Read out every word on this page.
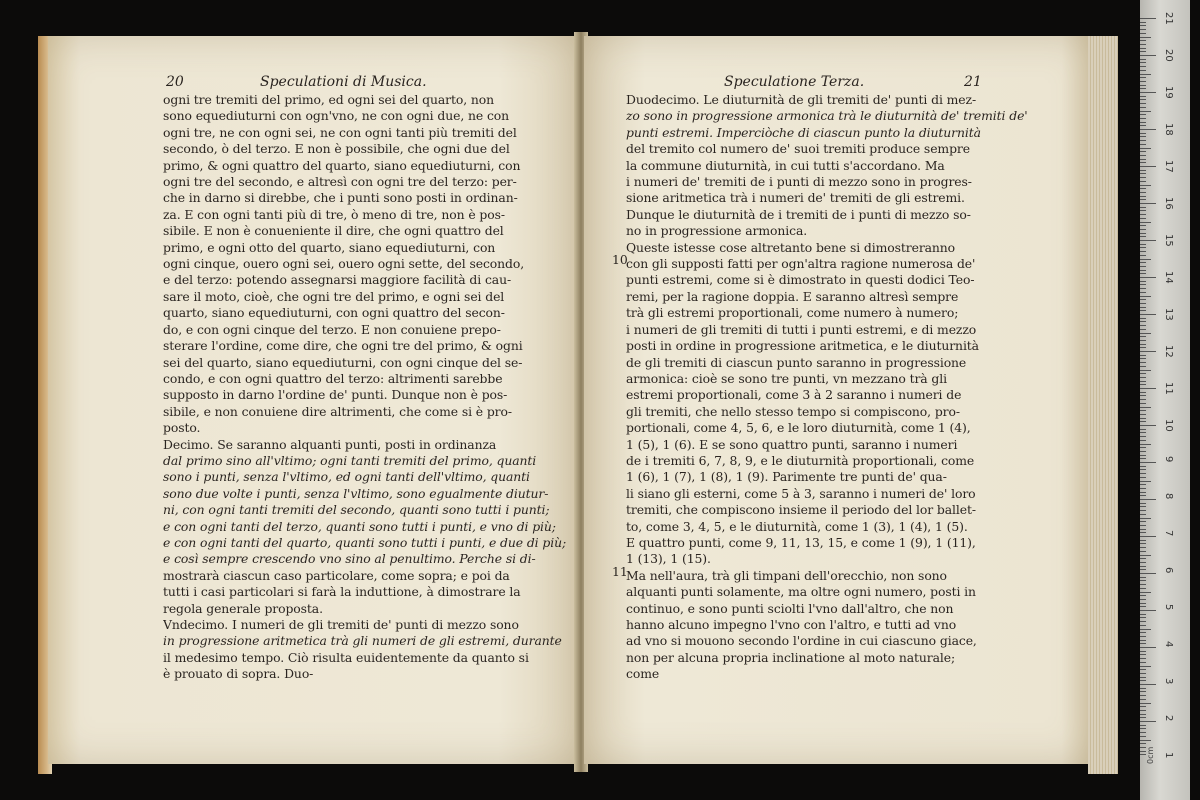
20	Speculationi di Musica.
ogni tre tremiti del primo, ed ogni sei del quarto, non
sono equediuturni con ogn'vno, ne con ogni due, ne con
ogni tre, ne con ogni sei, ne con ogni tanti più tremiti del
secondo, ò del terzo. E non è possibile, che ogni due del
primo, & ogni quattro del quarto, siano equediuturni, con
ogni tre del secondo, e altresì con ogni tre del terzo: per-
che in darno si direbbe, che i punti sono posti in ordinan-
za. E con ogni tanti più di tre, ò meno di tre, non è pos-
sibile. E non è conueniente il dire, che ogni quattro del
primo, e ogni otto del quarto, siano equediuturni, con
ogni cinque, ouero ogni sei, ouero ogni sette, del secondo,
e del terzo: potendo assegnarsi maggiore facilità di cau-
sare il moto, cioè, che ogni tre del primo, e ogni sei del
quarto, siano equediuturni, con ogni quattro del secon-
do, e con ogni cinque del terzo. E non conuiene prepo-
sterare l'ordine, come dire, che ogni tre del primo, & ogni
sei del quarto, siano equediuturni, con ogni cinque del se-
condo, e con ogni quattro del terzo: altrimenti sarebbe
supposto in darno l'ordine de' punti. Dunque non è pos-
sibile, e non conuiene dire altrimenti, che come si è pro-
posto.
Decimo. Se saranno alquanti punti, posti in ordinanza
dal primo sino all'vltimo; ogni tanti tremiti del primo, quanti
sono i punti, senza l'vltimo, ed ogni tanti dell'vltimo, quanti
sono due volte i punti, senza l'vltimo, sono egualmente diutur-
ni, con ogni tanti tremiti del secondo, quanti sono tutti i punti;
e con ogni tanti del terzo, quanti sono tutti i punti, e vno di più;
e con ogni tanti del quarto, quanti sono tutti i punti, e due di più;
e così sempre crescendo vno sino al penultimo. Perche si di-
mostrarà ciascun caso particolare, come sopra; e poi da
tutti i casi particolari si farà la induttione, à dimostrare la
regola generale proposta.
Vndecimo. I numeri de gli tremiti de' punti di mezzo sono
in progressione aritmetica trà gli numeri de gli estremi, durante
il medesimo tempo. Ciò risulta euidentemente da quanto si
è prouato di sopra. Duo-
Speculatione Terza.	21
10
11
Duodecimo. Le diuturnità de gli tremiti de' punti di mez-
zo sono in progressione armonica trà le diuturnità de' tremiti de'
punti estremi. Imperciòche di ciascun punto la diuturnità
del tremito col numero de' suoi tremiti produce sempre
la commune diuturnità, in cui tutti s'accordano. Ma
i numeri de' tremiti de i punti di mezzo sono in progres-
sione aritmetica trà i numeri de' tremiti de gli estremi.
Dunque le diuturnità de i tremiti de i punti di mezzo so-
no in progressione armonica.
Queste istesse cose altretanto bene si dimostreranno
con gli supposti fatti per ogn'altra ragione numerosa de'
punti estremi, come si è dimostrato in questi dodici Teo-
remi, per la ragione doppia. E saranno altresì sempre
trà gli estremi proportionali, come numero à numero;
i numeri de gli tremiti di tutti i punti estremi, e di mezzo
posti in ordine in progressione aritmetica, e le diuturnità
de gli tremiti di ciascun punto saranno in progressione
armonica: cioè se sono tre punti, vn mezzano trà gli
estremi proportionali, come 3 à 2 saranno i numeri de
gli tremiti, che nello stesso tempo si compiscono, pro-
portionali, come 4, 5, 6, e le loro diuturnità, come 1 (4),
1 (5), 1 (6). E se sono quattro punti, saranno i numeri
de i tremiti 6, 7, 8, 9, e le diuturnità proportionali, come
1 (6), 1 (7), 1 (8), 1 (9). Parimente tre punti de' qua-
li siano gli esterni, come 5 à 3, saranno i numeri de' loro
tremiti, che compiscono insieme il periodo del lor ballet-
to, come 3, 4, 5, e le diuturnità, come 1 (3), 1 (4), 1 (5).
E quattro punti, come 9, 11, 13, 15, e come 1 (9), 1 (11),
1 (13), 1 (15).
Ma nell'aura, trà gli timpani dell'orecchio, non sono
alquanti punti solamente, ma oltre ogni numero, posti in
continuo, e sono punti sciolti l'vno dall'altro, che non
hanno alcuno impegno l'vno con l'altro, e tutti ad vno
ad vno si mouono secondo l'ordine in cui ciascuno giace,
non per alcuna propria inclinatione al moto naturale;
come
21
20
19
18
17
16
15
14
13
12
11
10
9
8
7
6
5
4
3
2
1
0cm
